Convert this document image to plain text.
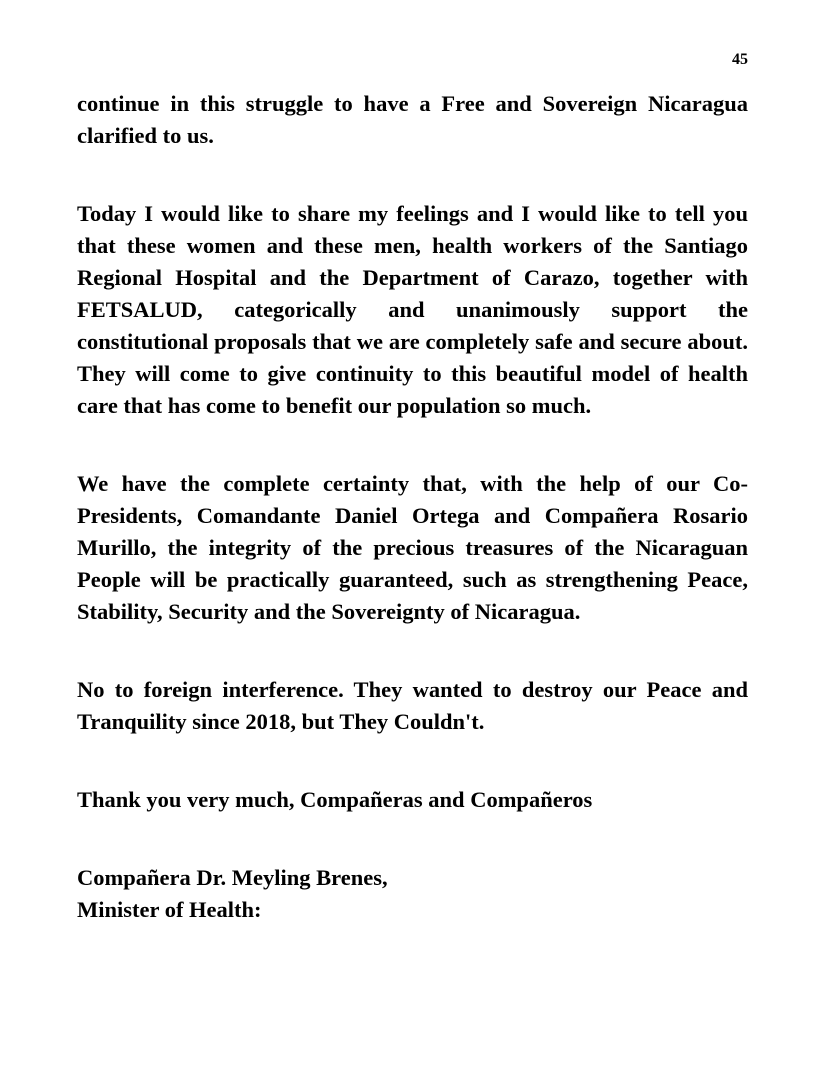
45

continue in this struggle to have a Free and Sovereign Nicaragua clarified to us.

Today I would like to share my feelings and I would like to tell you that these women and these men, health workers of the Santiago Regional Hospital and the Department of Carazo, together with FETSALUD, categorically and unanimously support the constitutional proposals that we are completely safe and secure about. They will come to give continuity to this beautiful model of health care that has come to benefit our population so much.

We have the complete certainty that, with the help of our Co-Presidents, Comandante Daniel Ortega and Compañera Rosario Murillo, the integrity of the precious treasures of the Nicaraguan People will be practically guaranteed, such as strengthening Peace, Stability, Security and the Sovereignty of Nicaragua.

No to foreign interference. They wanted to destroy our Peace and Tranquility since 2018, but They Couldn't.

Thank you very much, Compañeras and Compañeros

Compañera Dr. Meyling Brenes,
Minister of Health:
